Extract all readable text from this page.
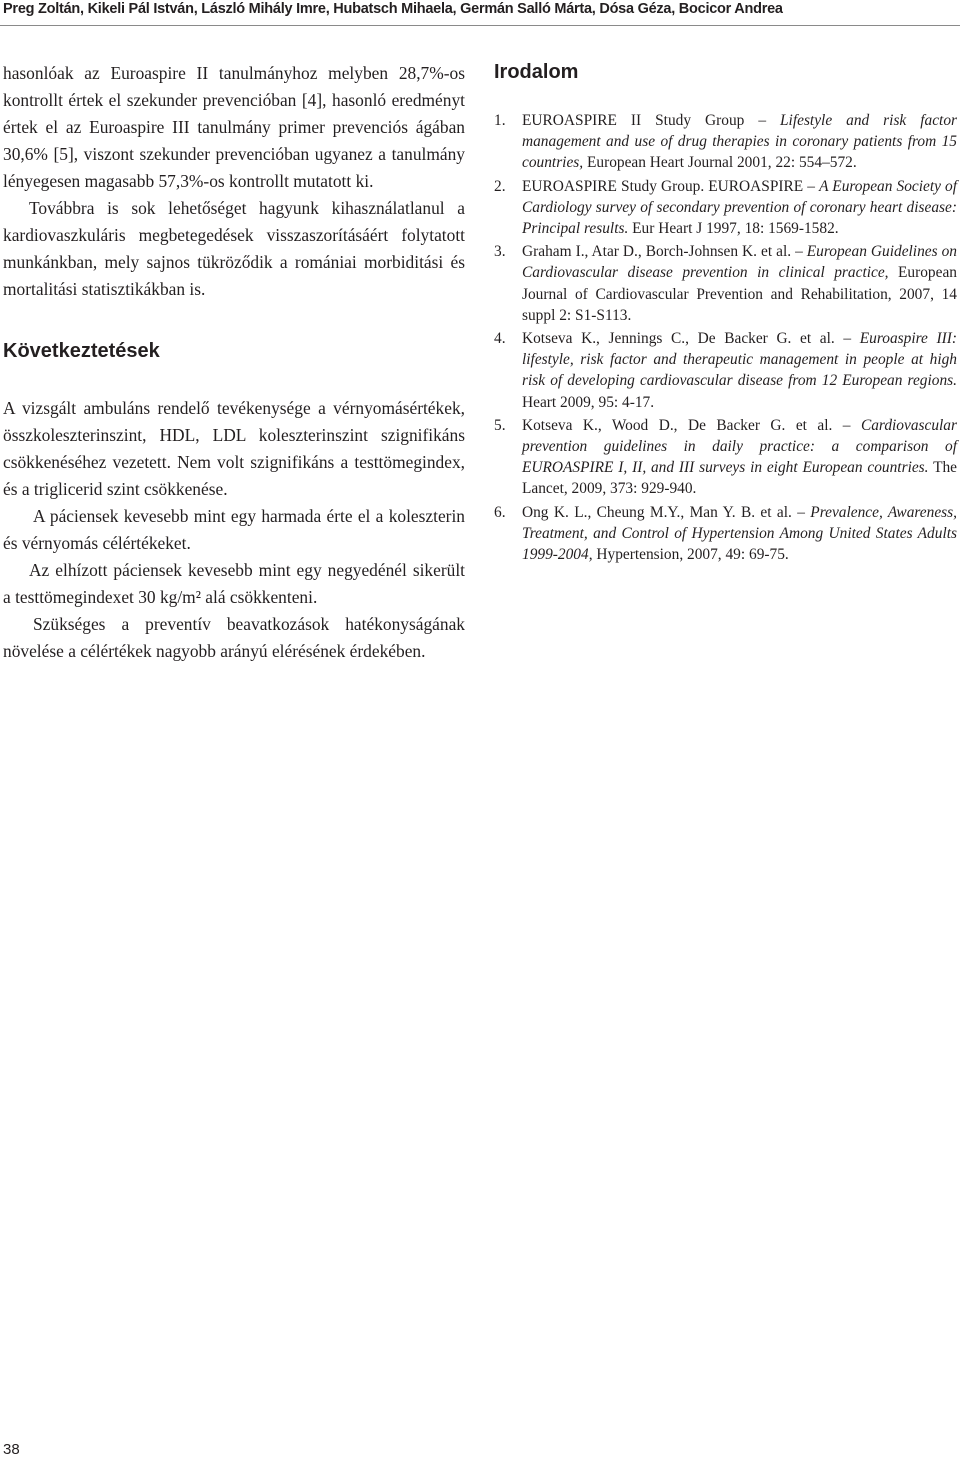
Preg Zoltán, Kikeli Pál István, László Mihály Imre, Hubatsch Mihaela, Germán Salló Márta, Dósa Géza, Bocicor Andrea

hasonlóak az Euroaspire II tanulmányhoz melyben 28,7%-os kontrollt értek el szekunder prevencióban [4], hasonló eredményt értek el az Euroaspire III tanulmány primer prevenciós ágában 30,6% [5], viszont szekunder prevencióban ugyanez a tanulmány lényegesen magasabb 57,3%-os kontrollt mutatott ki.

Továbbra is sok lehetőséget hagyunk kihasználatlanul a kardiovaszkuláris megbetegedések visszaszorításáért folytatott munkánkban, mely sajnos tükröződik a romániai morbiditási és mortalitási statisztikákban is.

Következtetések

A vizsgált ambuláns rendelő tevékenysége a vérnyomásértékek, összkoleszterinszint, HDL, LDL koleszterinszint szignifikáns csökkenéséhez vezetett. Nem volt szignifikáns a testtömegindex, és a triglicerid szint csökkenése.

A páciensek kevesebb mint egy harmada érte el a koleszterin és vérnyomás célértékeket.

Az elhízott páciensek kevesebb mint egy negyedénél sikerült a testtömegindexet 30 kg/m² alá csökkenteni.

Szükséges a preventív beavatkozások hatékonyságának növelése a célértékek nagyobb arányú elérésének érdekében.

Irodalom
1. EUROASPIRE II Study Group – Lifestyle and risk factor management and use of drug therapies in coronary patients from 15 countries, European Heart Journal 2001, 22: 554–572.
2. EUROASPIRE Study Group. EUROASPIRE – A European Society of Cardiology survey of secondary prevention of coronary heart disease: Principal results. Eur Heart J 1997, 18: 1569-1582.
3. Graham I., Atar D., Borch-Johnsen K. et al. – European Guidelines on Cardiovascular disease prevention in clinical practice, European Journal of Cardiovascular Prevention and Rehabilitation, 2007, 14 suppl 2: S1-S113.
4. Kotseva K., Jennings C., De Backer G. et al. – Euroaspire III: lifestyle, risk factor and therapeutic management in people at high risk of developing cardiovascular disease from 12 European regions. Heart 2009, 95: 4-17.
5. Kotseva K., Wood D., De Backer G. et al. – Cardiovascular prevention guidelines in daily practice: a comparison of EUROASPIRE I, II, and III surveys in eight European countries. The Lancet, 2009, 373: 929-940.
6. Ong K. L., Cheung M.Y., Man Y. B. et al. – Prevalence, Awareness, Treatment, and Control of Hypertension Among United States Adults 1999-2004, Hypertension, 2007, 49: 69-75.
38
